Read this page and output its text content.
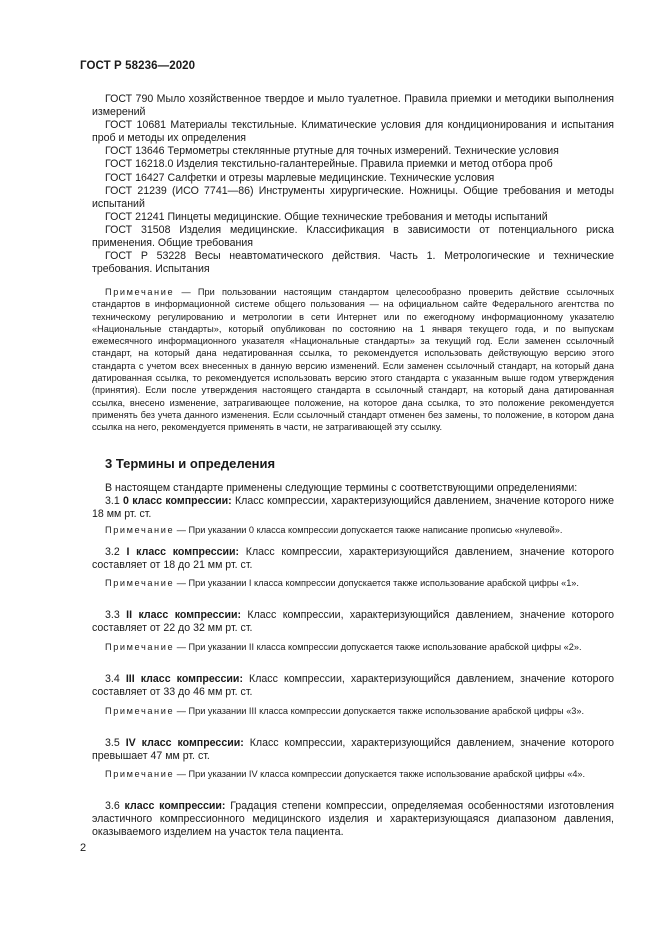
ГОСТ Р 58236—2020
ГОСТ 790 Мыло хозяйственное твердое и мыло туалетное. Правила приемки и методики выполнения измерений
ГОСТ 10681 Материалы текстильные. Климатические условия для кондиционирования и испытания проб и методы их определения
ГОСТ 13646 Термометры стеклянные ртутные для точных измерений. Технические условия
ГОСТ 16218.0 Изделия текстильно-галантерейные. Правила приемки и метод отбора проб
ГОСТ 16427 Салфетки и отрезы марлевые медицинские. Технические условия
ГОСТ 21239 (ИСО 7741—86) Инструменты хирургические. Ножницы. Общие требования и методы испытаний
ГОСТ 21241 Пинцеты медицинские. Общие технические требования и методы испытаний
ГОСТ 31508 Изделия медицинские. Классификация в зависимости от потенциального риска применения. Общие требования
ГОСТ Р 53228 Весы неавтоматического действия. Часть 1. Метрологические и технические требования. Испытания
Примечание — При пользовании настоящим стандартом целесообразно проверить действие ссылочных стандартов в информационной системе общего пользования — на официальном сайте Федерального агентства по техническому регулированию и метрологии в сети Интернет или по ежегодному информационному указателю «Национальные стандарты», который опубликован по состоянию на 1 января текущего года, и по выпускам ежемесячного информационного указателя «Национальные стандарты» за текущий год. Если заменен ссылочный стандарт, на который дана недатированная ссылка, то рекомендуется использовать действующую версию этого стандарта с учетом всех внесенных в данную версию изменений. Если заменен ссылочный стандарт, на который дана датированная ссылка, то рекомендуется использовать версию этого стандарта с указанным выше годом утверждения (принятия). Если после утверждения настоящего стандарта в ссылочный стандарт, на который дана датированная ссылка, внесено изменение, затрагивающее положение, на которое дана ссылка, то это положение рекомендуется применять без учета данного изменения. Если ссылочный стандарт отменен без замены, то положение, в котором дана ссылка на него, рекомендуется применять в части, не затрагивающей эту ссылку.
3 Термины и определения
В настоящем стандарте применены следующие термины с соответствующими определениями:
3.1 0 класс компрессии: Класс компрессии, характеризующийся давлением, значение которого ниже 18 мм рт. ст.
Примечание — При указании 0 класса компрессии допускается также написание прописью «нулевой».
3.2 I класс компрессии: Класс компрессии, характеризующийся давлением, значение которого составляет от 18 до 21 мм рт. ст.
Примечание — При указании I класса компрессии допускается также использование арабской цифры «1».
3.3 II класс компрессии: Класс компрессии, характеризующийся давлением, значение которого составляет от 22 до 32 мм рт. ст.
Примечание — При указании II класса компрессии допускается также использование арабской цифры «2».
3.4 III класс компрессии: Класс компрессии, характеризующийся давлением, значение которого составляет от 33 до 46 мм рт. ст.
Примечание — При указании III класса компрессии допускается также использование арабской цифры «3».
3.5 IV класс компрессии: Класс компрессии, характеризующийся давлением, значение которого превышает 47 мм рт. ст.
Примечание — При указании IV класса компрессии допускается также использование арабской цифры «4».
3.6 класс компрессии: Градация степени компрессии, определяемая особенностями изготовления эластичного компрессионного медицинского изделия и характеризующаяся диапазоном давления, оказываемого изделием на участок тела пациента.
2
